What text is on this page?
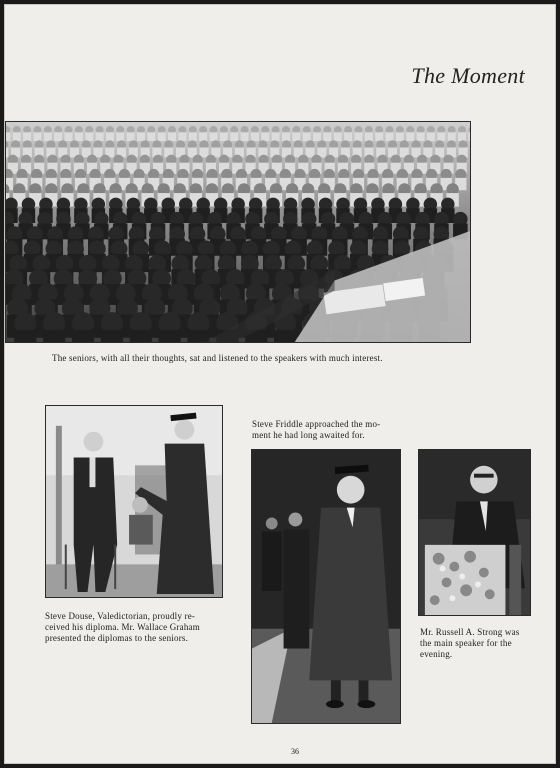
The Moment
The seniors, with all their thoughts, sat and listened to the speakers with much interest.
Steve Douse, Valedictorian, proudly re-
ceived his diploma. Mr. Wallace Graham
presented the diplomas to the seniors.
Steve Friddle approached the mo-
ment he had long awaited for.
Mr. Russell A. Strong was
the main speaker for the
evening.
36
